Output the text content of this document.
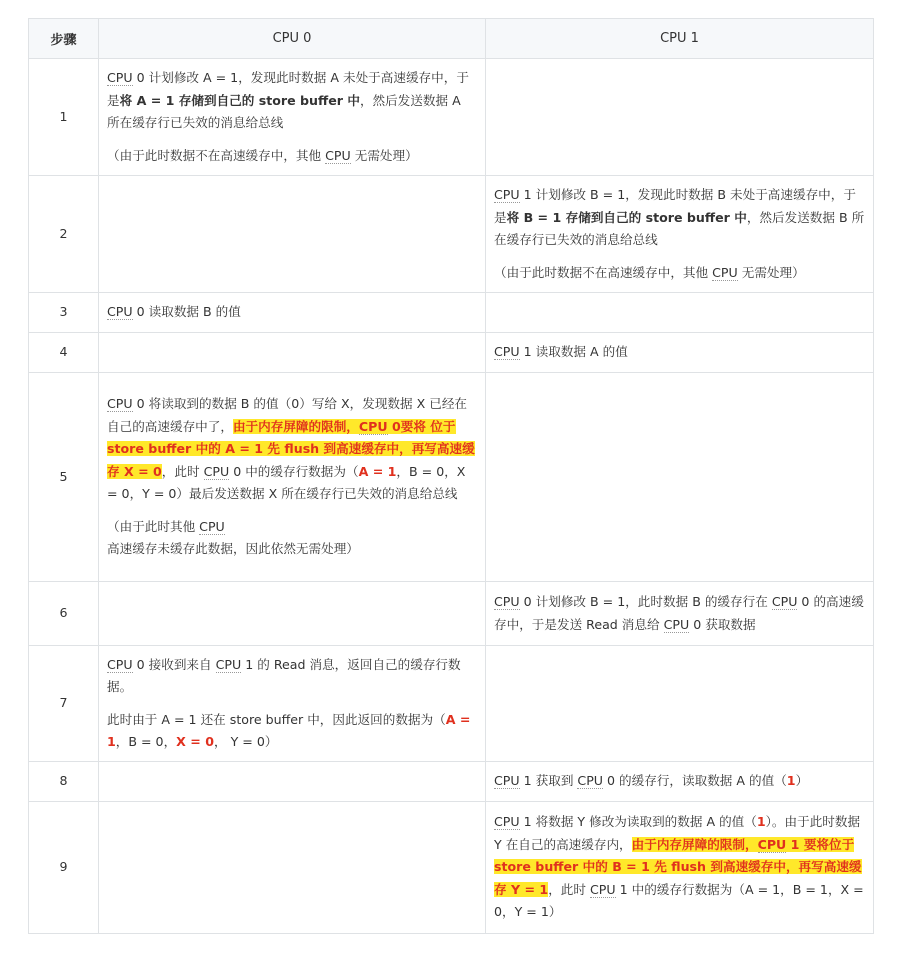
步骤	CPU 0	CPU 1
1	CPU 0 计划修改 A = 1，发现此时数据 A 未处于高速缓存中，于是将 A = 1 存储到自己的 store buffer 中，然后发送数据 A 所在缓存行已失效的消息给总线
（由于此时数据不在高速缓存中，其他 CPU 无需处理）	

2		CPU 1 计划修改 B = 1，发现此时数据 B 未处于高速缓存中，于是将 B = 1 存储到自己的 store buffer 中，然后发送数据 B 所在缓存行已失效的消息给总线
（由于此时数据不在高速缓存中，其他 CPU 无需处理）

3	CPU 0 读取数据 B 的值	

4		CPU 1 读取数据 A 的值

5	CPU 0 将读取到的数据 B 的值（0）写给 X，发现数据 X 已经在自己的高速缓存中了，由于内存屏障的限制，CPU 0要将 位于 store buffer 中的 A = 1 先 flush 到高速缓存中，再写高速缓存 X = 0，此时 CPU 0 中的缓存行数据为（A = 1，B = 0，X = 0，Y = 0）最后发送数据 X 所在缓存行已失效的消息给总线
（由于此时其他 CPU 高速缓存未缓存此数据，因此依然无需处理）	

6		CPU 0 计划修改 B = 1，此时数据 B 的缓存行在 CPU 0 的高速缓存中，于是发送 Read 消息给 CPU 0 获取数据

7	CPU 0 接收到来自 CPU 1 的 Read 消息，返回自己的缓存行数据。
此时由于 A = 1 还在 store buffer 中，因此返回的数据为（A = 1，B = 0，X = 0， Y = 0）	

8		CPU 1 获取到 CPU 0 的缓存行，读取数据 A 的值（1）

9		CPU 1 将数据 Y 修改为读取到的数据 A 的值（1）。由于此时数据 Y 在自己的高速缓存内，由于内存屏障的限制，CPU 1 要将位于 store buffer 中的 B = 1 先 flush 到高速缓存中，再写高速缓存 Y = 1，此时 CPU 1 中的缓存行数据为（A = 1，B = 1，X = 0，Y = 1）
